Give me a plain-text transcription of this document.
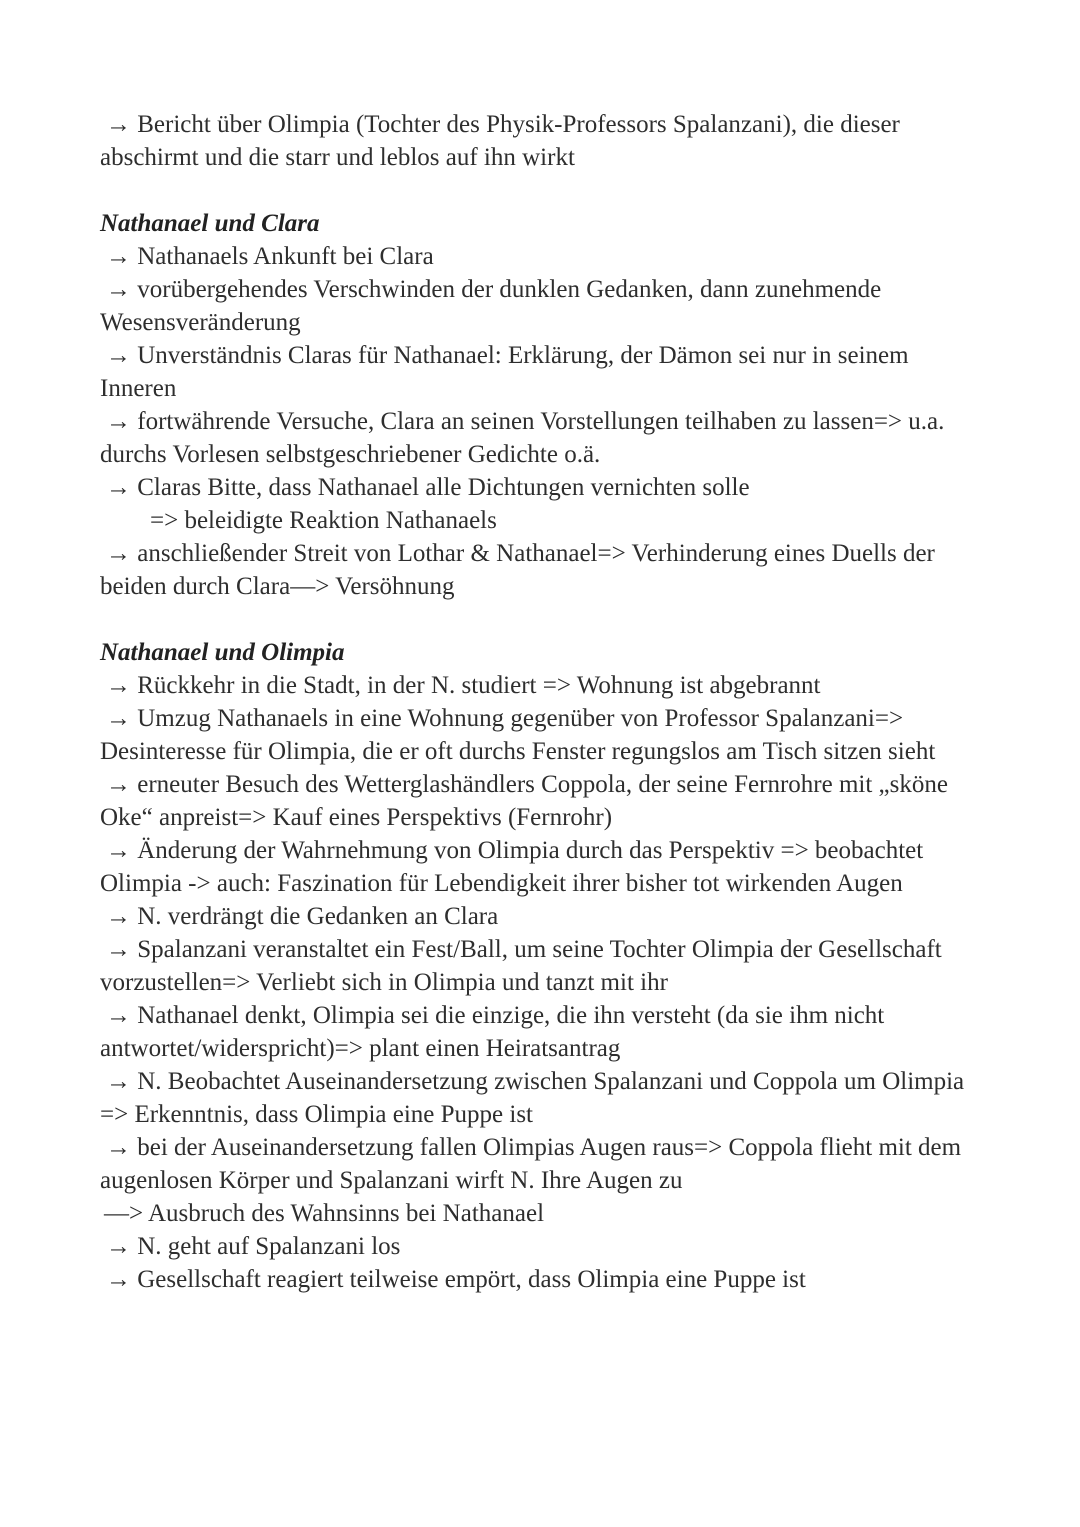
→ Bericht über Olimpia (Tochter des Physik-Professors Spalanzani), die dieser abschirmt und die starr und leblos auf ihn wirkt

Nathanael und Clara

→ Nathanaels Ankunft bei Clara

→ vorübergehendes Verschwinden der dunklen Gedanken, dann zunehmende Wesensveränderung

→ Unverständnis Claras für Nathanael: Erklärung, der Dämon sei nur in seinem Inneren

→ fortwährende Versuche, Clara an seinen Vorstellungen teilhaben zu lassen=> u.a. durchs Vorlesen selbstgeschriebener Gedichte o.ä.

→ Claras Bitte, dass Nathanael alle Dichtungen vernichten solle

=> beleidigte Reaktion Nathanaels

→ anschließender Streit von Lothar & Nathanael=> Verhinderung eines Duells der beiden durch Clara—> Versöhnung

Nathanael und Olimpia

→ Rückkehr in die Stadt, in der N. studiert => Wohnung ist abgebrannt

→ Umzug Nathanaels in eine Wohnung gegenüber von Professor Spalanzani=> Desinteresse für Olimpia, die er oft durchs Fenster regungslos am Tisch sitzen sieht

→ erneuter Besuch des Wetterglashändlers Coppola, der seine Fernrohre mit „sköne Oke“ anpreist=> Kauf eines Perspektivs (Fernrohr)

→ Änderung der Wahrnehmung von Olimpia durch das Perspektiv => beobachtet Olimpia -> auch: Faszination für Lebendigkeit ihrer bisher tot wirkenden Augen

→ N. verdrängt die Gedanken an Clara

→ Spalanzani veranstaltet ein Fest/Ball, um seine Tochter Olimpia der Gesellschaft vorzustellen=> Verliebt sich in Olimpia und tanzt mit ihr

→ Nathanael denkt, Olimpia sei die einzige, die ihn versteht (da sie ihm nicht antwortet/widerspricht)=> plant einen Heiratsantrag

→ N. Beobachtet Auseinandersetzung zwischen Spalanzani und Coppola um Olimpia => Erkenntnis, dass Olimpia eine Puppe ist

→ bei der Auseinandersetzung fallen Olimpias Augen raus=> Coppola flieht mit dem augenlosen Körper und Spalanzani wirft N. Ihre Augen zu

—> Ausbruch des Wahnsinns bei Nathanael

→ N. geht auf Spalanzani los

→ Gesellschaft reagiert teilweise empört, dass Olimpia eine Puppe ist
